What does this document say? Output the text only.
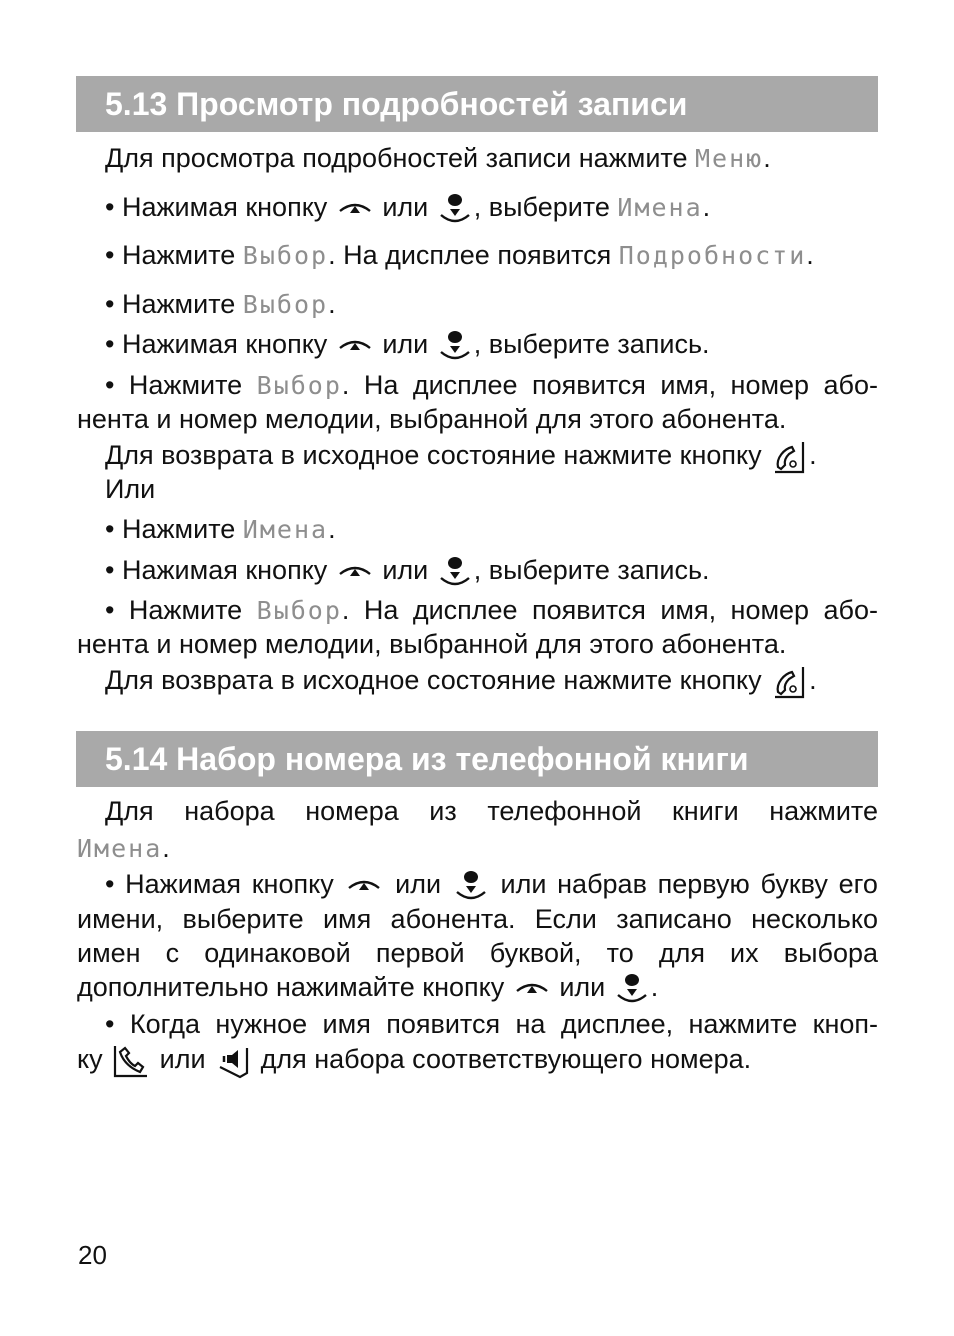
5.13 Просмотр подробностей записи
Для просмотра подробностей записи нажмите Меню.
• Нажимая кнопку или , выберите Имена.
• Нажмите Выбор. На дисплее появится Подробности.
• Нажмите Выбор.
• Нажимая кнопку или , выберите запись.
• Нажмите Выбор. На дисплее появится имя, номер або-
нента и номер мелодии, выбранной для этого абонента.
Для возврата в исходное состояние нажмите кнопку .
Или
• Нажмите Имена.
• Нажимая кнопку или , выберите запись.
• Нажмите Выбор. На дисплее появится имя, номер або-
нента и номер мелодии, выбранной для этого абонента.
Для возврата в исходное состояние нажмите кнопку .
5.14 Набор номера из телефонной книги
Для набора номера из телефонной книги нажмите
Имена.
• Нажимая кнопку или или набрав первую букву его
имени, выберите имя абонента. Если записано несколько
имен с одинаковой первой буквой, то для их выбора
дополнительно нажимайте кнопку или .
• Когда нужное имя появится на дисплее, нажмите кноп-
ку или для набора соответствующего номера.
20
